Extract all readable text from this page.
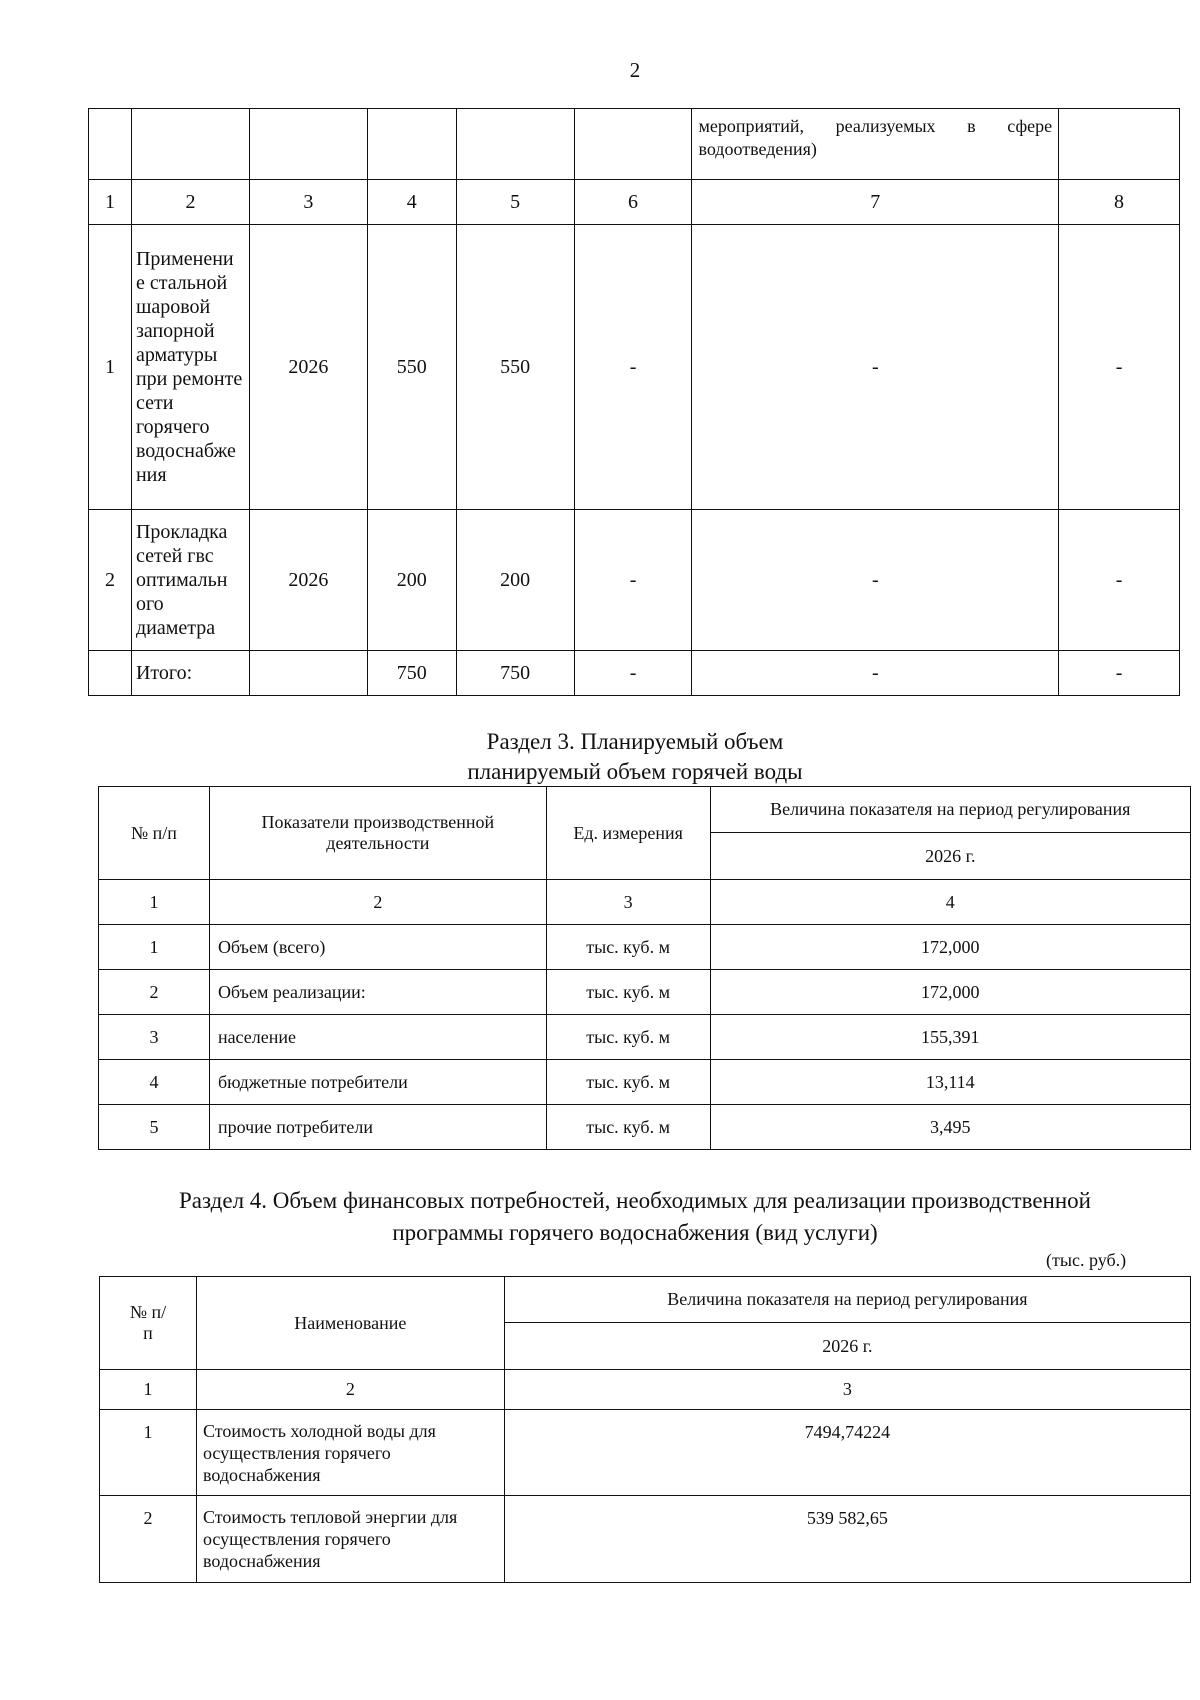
2
						мероприятий, реализуемых в сфере водоотведения)	
1	2	3	4	5	6	7	8
1	Применени е стальной шаровой запорной арматуры при ремонте сети горячего водоснабже ния	2026	550	550	-	-	-
2	Прокладка сетей гвс оптимальн ого диаметра	2026	200	200	-	-	-
	Итого:		750	750	-	-	-
Раздел 3. Планируемый объем
планируемый объем горячей воды
№ п/п	Показатели производственной деятельности	Ед. измерения	Величина показателя на период регулирования
			2026 г.
1	2	3	4
1	Объем (всего)	тыс. куб. м	172,000
2	Объем реализации:	тыс. куб. м	172,000
3	население	тыс. куб. м	155,391
4	бюджетные потребители	тыс. куб. м	13,114
5	прочие потребители	тыс. куб. м	3,495
Раздел 4. Объем финансовых потребностей, необходимых для реализации производственной
программы горячего водоснабжения (вид услуги)
(тыс. руб.)
№ п/п	Наименование	Величина показателя на период регулирования
		2026 г.
1	2	3
1	Стоимость холодной воды для осуществления горячего водоснабжения	7494,74224
2	Стоимость тепловой энергии для осуществления горячего водоснабжения	539 582,65
